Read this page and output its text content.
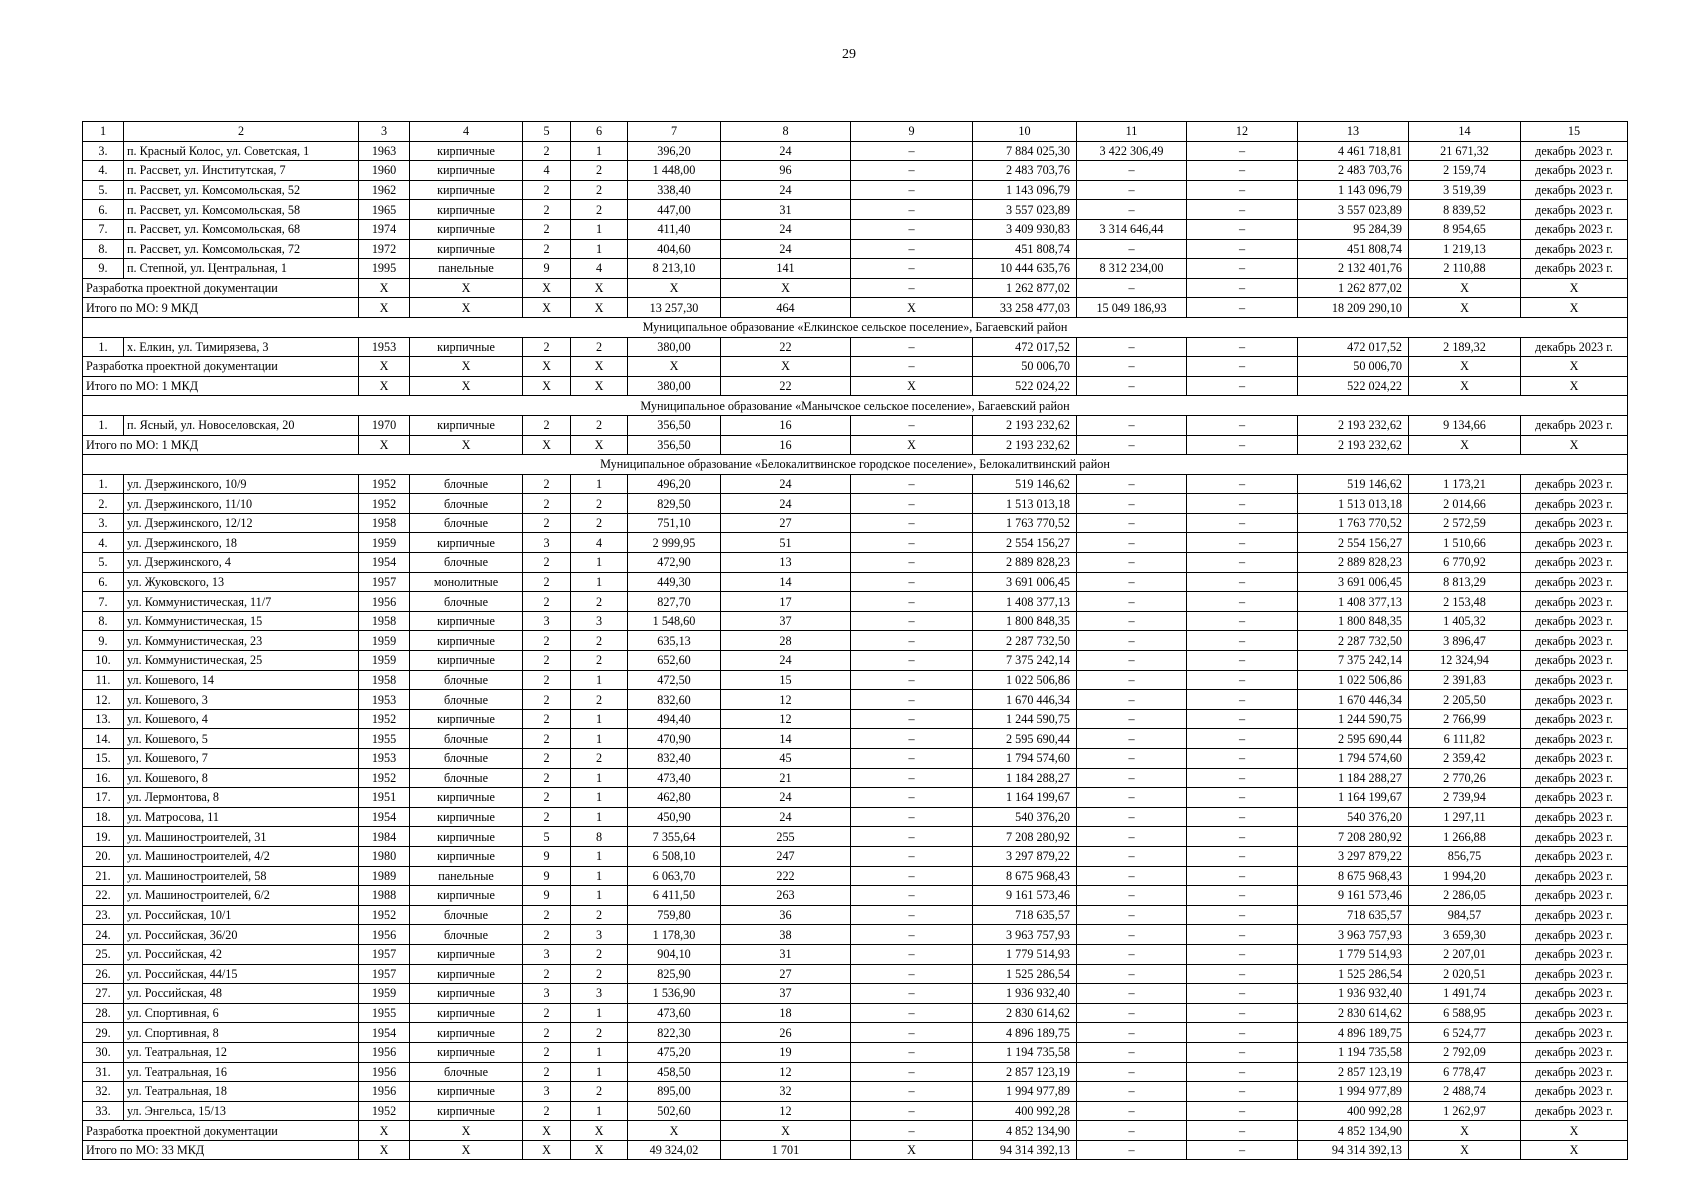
29
1	2	3	4	5	6	7	8	9	10	11	12	13	14	15
3.	п. Красный Колос, ул. Советская, 1	1963	кирпичные	2	1	396,20	24	–	7 884 025,30	3 422 306,49	–	4 461 718,81	21 671,32	декабрь 2023 г.
4.	п. Рассвет, ул. Институтская, 7	1960	кирпичные	4	2	1 448,00	96	–	2 483 703,76	–	–	2 483 703,76	2 159,74	декабрь 2023 г.
5.	п. Рассвет, ул. Комсомольская, 52	1962	кирпичные	2	2	338,40	24	–	1 143 096,79	–	–	1 143 096,79	3 519,39	декабрь 2023 г.
6.	п. Рассвет, ул. Комсомольская, 58	1965	кирпичные	2	2	447,00	31	–	3 557 023,89	–	–	3 557 023,89	8 839,52	декабрь 2023 г.
7.	п. Рассвет, ул. Комсомольская, 68	1974	кирпичные	2	1	411,40	24	–	3 409 930,83	3 314 646,44	–	95 284,39	8 954,65	декабрь 2023 г.
8.	п. Рассвет, ул. Комсомольская, 72	1972	кирпичные	2	1	404,60	24	–	451 808,74	–	–	451 808,74	1 219,13	декабрь 2023 г.
9.	п. Степной, ул. Центральная, 1	1995	панельные	9	4	8 213,10	141	–	10 444 635,76	8 312 234,00	–	2 132 401,76	2 110,88	декабрь 2023 г.
Разработка проектной документации		X	X	X	X	X	X	–	1 262 877,02	–	–	1 262 877,02	X	X
Итого по МО: 9 МКД		X	X	X	X	13 257,30	464	X	33 258 477,03	15 049 186,93	–	18 209 290,10	X	X
Муниципальное образование «Елкинское сельское поселение», Багаевский район														
1.	х. Елкин, ул. Тимирязева, 3	1953	кирпичные	2	2	380,00	22	–	472 017,52	–	–	472 017,52	2 189,32	декабрь 2023 г.
Разработка проектной документации		X	X	X	X	X	X	–	50 006,70	–	–	50 006,70	X	X
Итого по МО: 1 МКД		X	X	X	X	380,00	22	X	522 024,22	–	–	522 024,22	X	X
Муниципальное образование «Манычское сельское поселение», Багаевский район														
1.	п. Ясный, ул. Новоселовская, 20	1970	кирпичные	2	2	356,50	16	–	2 193 232,62	–	–	2 193 232,62	9 134,66	декабрь 2023 г.
Итого по МО: 1 МКД		X	X	X	X	356,50	16	X	2 193 232,62	–	–	2 193 232,62	X	X
Муниципальное образование «Белокалитвинское городское поселение», Белокалитвинский район														
1.	ул. Дзержинского, 10/9	1952	блочные	2	1	496,20	24	–	519 146,62	–	–	519 146,62	1 173,21	декабрь 2023 г.
2.	ул. Дзержинского, 11/10	1952	блочные	2	2	829,50	24	–	1 513 013,18	–	–	1 513 013,18	2 014,66	декабрь 2023 г.
3.	ул. Дзержинского, 12/12	1958	блочные	2	2	751,10	27	–	1 763 770,52	–	–	1 763 770,52	2 572,59	декабрь 2023 г.
4.	ул. Дзержинского, 18	1959	кирпичные	3	4	2 999,95	51	–	2 554 156,27	–	–	2 554 156,27	1 510,66	декабрь 2023 г.
5.	ул. Дзержинского, 4	1954	блочные	2	1	472,90	13	–	2 889 828,23	–	–	2 889 828,23	6 770,92	декабрь 2023 г.
6.	ул. Жуковского, 13	1957	монолитные	2	1	449,30	14	–	3 691 006,45	–	–	3 691 006,45	8 813,29	декабрь 2023 г.
7.	ул. Коммунистическая, 11/7	1956	блочные	2	2	827,70	17	–	1 408 377,13	–	–	1 408 377,13	2 153,48	декабрь 2023 г.
8.	ул. Коммунистическая, 15	1958	кирпичные	3	3	1 548,60	37	–	1 800 848,35	–	–	1 800 848,35	1 405,32	декабрь 2023 г.
9.	ул. Коммунистическая, 23	1959	кирпичные	2	2	635,13	28	–	2 287 732,50	–	–	2 287 732,50	3 896,47	декабрь 2023 г.
10.	ул. Коммунистическая, 25	1959	кирпичные	2	2	652,60	24	–	7 375 242,14	–	–	7 375 242,14	12 324,94	декабрь 2023 г.
11.	ул. Кошевого, 14	1958	блочные	2	1	472,50	15	–	1 022 506,86	–	–	1 022 506,86	2 391,83	декабрь 2023 г.
12.	ул. Кошевого, 3	1953	блочные	2	2	832,60	12	–	1 670 446,34	–	–	1 670 446,34	2 205,50	декабрь 2023 г.
13.	ул. Кошевого, 4	1952	кирпичные	2	1	494,40	12	–	1 244 590,75	–	–	1 244 590,75	2 766,99	декабрь 2023 г.
14.	ул. Кошевого, 5	1955	блочные	2	1	470,90	14	–	2 595 690,44	–	–	2 595 690,44	6 111,82	декабрь 2023 г.
15.	ул. Кошевого, 7	1953	блочные	2	2	832,40	45	–	1 794 574,60	–	–	1 794 574,60	2 359,42	декабрь 2023 г.
16.	ул. Кошевого, 8	1952	блочные	2	1	473,40	21	–	1 184 288,27	–	–	1 184 288,27	2 770,26	декабрь 2023 г.
17.	ул. Лермонтова, 8	1951	кирпичные	2	1	462,80	24	–	1 164 199,67	–	–	1 164 199,67	2 739,94	декабрь 2023 г.
18.	ул. Матросова, 11	1954	кирпичные	2	1	450,90	24	–	540 376,20	–	–	540 376,20	1 297,11	декабрь 2023 г.
19.	ул. Машиностроителей, 31	1984	кирпичные	5	8	7 355,64	255	–	7 208 280,92	–	–	7 208 280,92	1 266,88	декабрь 2023 г.
20.	ул. Машиностроителей, 4/2	1980	кирпичные	9	1	6 508,10	247	–	3 297 879,22	–	–	3 297 879,22	856,75	декабрь 2023 г.
21.	ул. Машиностроителей, 58	1989	панельные	9	1	6 063,70	222	–	8 675 968,43	–	–	8 675 968,43	1 994,20	декабрь 2023 г.
22.	ул. Машиностроителей, 6/2	1988	кирпичные	9	1	6 411,50	263	–	9 161 573,46	–	–	9 161 573,46	2 286,05	декабрь 2023 г.
23.	ул. Российская, 10/1	1952	блочные	2	2	759,80	36	–	718 635,57	–	–	718 635,57	984,57	декабрь 2023 г.
24.	ул. Российская, 36/20	1956	блочные	2	3	1 178,30	38	–	3 963 757,93	–	–	3 963 757,93	3 659,30	декабрь 2023 г.
25.	ул. Российская, 42	1957	кирпичные	3	2	904,10	31	–	1 779 514,93	–	–	1 779 514,93	2 207,01	декабрь 2023 г.
26.	ул. Российская, 44/15	1957	кирпичные	2	2	825,90	27	–	1 525 286,54	–	–	1 525 286,54	2 020,51	декабрь 2023 г.
27.	ул. Российская, 48	1959	кирпичные	3	3	1 536,90	37	–	1 936 932,40	–	–	1 936 932,40	1 491,74	декабрь 2023 г.
28.	ул. Спортивная, 6	1955	кирпичные	2	1	473,60	18	–	2 830 614,62	–	–	2 830 614,62	6 588,95	декабрь 2023 г.
29.	ул. Спортивная, 8	1954	кирпичные	2	2	822,30	26	–	4 896 189,75	–	–	4 896 189,75	6 524,77	декабрь 2023 г.
30.	ул. Театральная, 12	1956	кирпичные	2	1	475,20	19	–	1 194 735,58	–	–	1 194 735,58	2 792,09	декабрь 2023 г.
31.	ул. Театральная, 16	1956	блочные	2	1	458,50	12	–	2 857 123,19	–	–	2 857 123,19	6 778,47	декабрь 2023 г.
32.	ул. Театральная, 18	1956	кирпичные	3	2	895,00	32	–	1 994 977,89	–	–	1 994 977,89	2 488,74	декабрь 2023 г.
33.	ул. Энгельса, 15/13	1952	кирпичные	2	1	502,60	12	–	400 992,28	–	–	400 992,28	1 262,97	декабрь 2023 г.
Разработка проектной документации		X	X	X	X	X	X	–	4 852 134,90	–	–	4 852 134,90	X	X
Итого по МО: 33 МКД		X	X	X	X	49 324,02	1 701	X	94 314 392,13	–	–	94 314 392,13	X	X
